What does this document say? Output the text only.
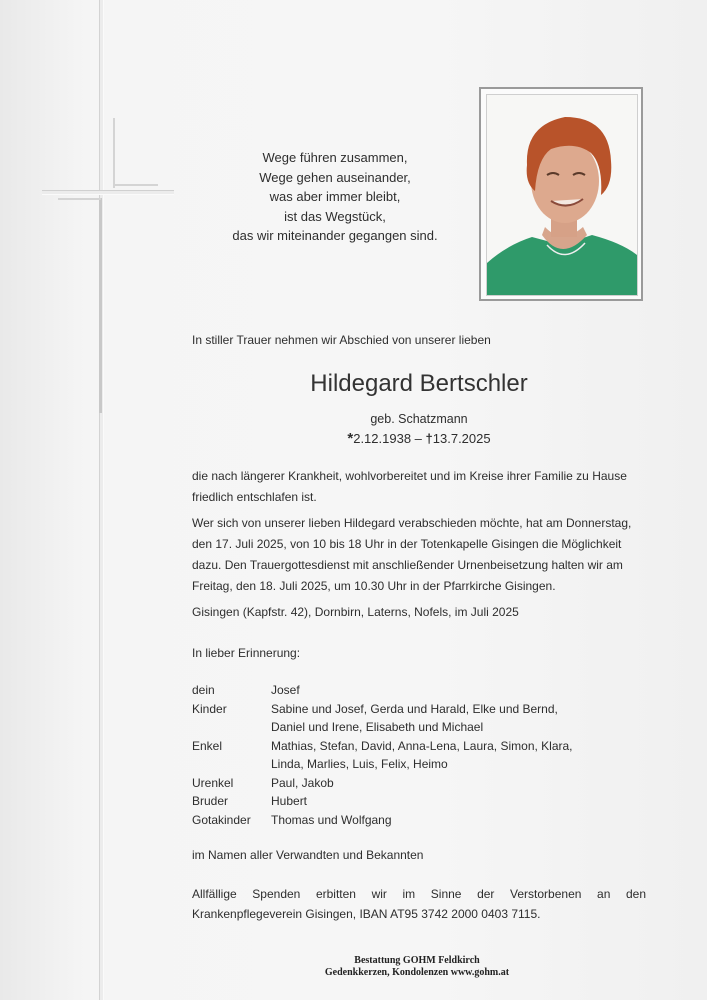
Wege führen zusammen,
Wege gehen auseinander,
was aber immer bleibt,
ist das Wegstück,
das wir miteinander gegangen sind.
In stiller Trauer nehmen wir Abschied von unserer lieben
Hildegard Bertschler
geb. Schatzmann
*2.12.1938 – †13.7.2025
die nach längerer Krankheit, wohlvorbereitet und im Kreise ihrer Familie zu Hause friedlich entschlafen ist.
Wer sich von unserer lieben Hildegard verabschieden möchte, hat am Donnerstag, den 17. Juli 2025, von 10 bis 18 Uhr in der Totenkapelle Gisingen die Möglichkeit dazu. Den Trauergottesdienst mit anschließender Urnenbeisetzung halten wir am Freitag, den 18. Juli 2025, um 10.30 Uhr in der Pfarrkirche Gisingen.
Gisingen (Kapfstr. 42), Dornbirn, Laterns, Nofels, im Juli 2025
In lieber Erinnerung:
dein	Josef
Kinder	Sabine und Josef, Gerda und Harald, Elke und Bernd,
Daniel und Irene, Elisabeth und Michael
Enkel	Mathias, Stefan, David, Anna-Lena, Laura, Simon, Klara,
Linda, Marlies, Luis, Felix, Heimo
Urenkel	Paul, Jakob
Bruder	Hubert
Gotakinder	Thomas und Wolfgang
im Namen aller Verwandten und Bekannten
Allfällige Spenden erbitten wir im Sinne der Verstorbenen an den
Krankenpflegeverein Gisingen, IBAN AT95 3742 2000 0403 7115.
Bestattung GOHM Feldkirch
Gedenkkerzen, Kondolenzen www.gohm.at
